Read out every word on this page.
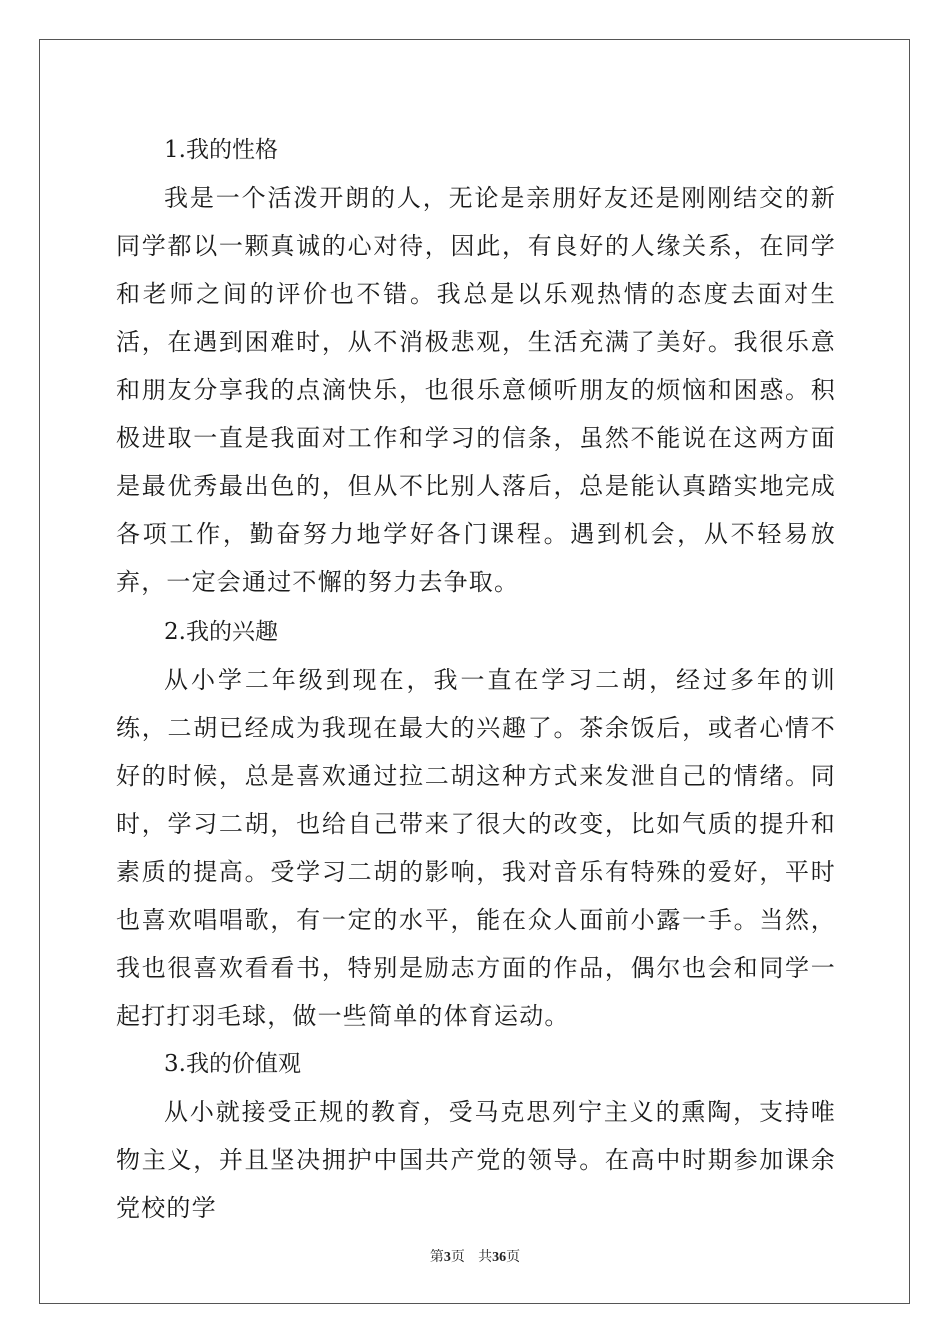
1.我的性格

我是一个活泼开朗的人，无论是亲朋好友还是刚刚结交的新同学都以一颗真诚的心对待，因此，有良好的人缘关系，在同学和老师之间的评价也不错。我总是以乐观热情的态度去面对生活，在遇到困难时，从不消极悲观，生活充满了美好。我很乐意和朋友分享我的点滴快乐，也很乐意倾听朋友的烦恼和困惑。积极进取一直是我面对工作和学习的信条，虽然不能说在这两方面是最优秀最出色的，但从不比别人落后，总是能认真踏实地完成各项工作，勤奋努力地学好各门课程。遇到机会，从不轻易放弃，一定会通过不懈的努力去争取。

2.我的兴趣

从小学二年级到现在，我一直在学习二胡，经过多年的训练，二胡已经成为我现在最大的兴趣了。茶余饭后，或者心情不好的时候，总是喜欢通过拉二胡这种方式来发泄自己的情绪。同时，学习二胡，也给自己带来了很大的改变，比如气质的提升和素质的提高。受学习二胡的影响，我对音乐有特殊的爱好，平时也喜欢唱唱歌，有一定的水平，能在众人面前小露一手。当然，我也很喜欢看看书，特别是励志方面的作品，偶尔也会和同学一起打打羽毛球，做一些简单的体育运动。

3.我的价值观

从小就接受正规的教育，受马克思列宁主义的熏陶，支持唯物主义，并且坚决拥护中国共产党的领导。在高中时期参加课余党校的学

第3页 共36页
